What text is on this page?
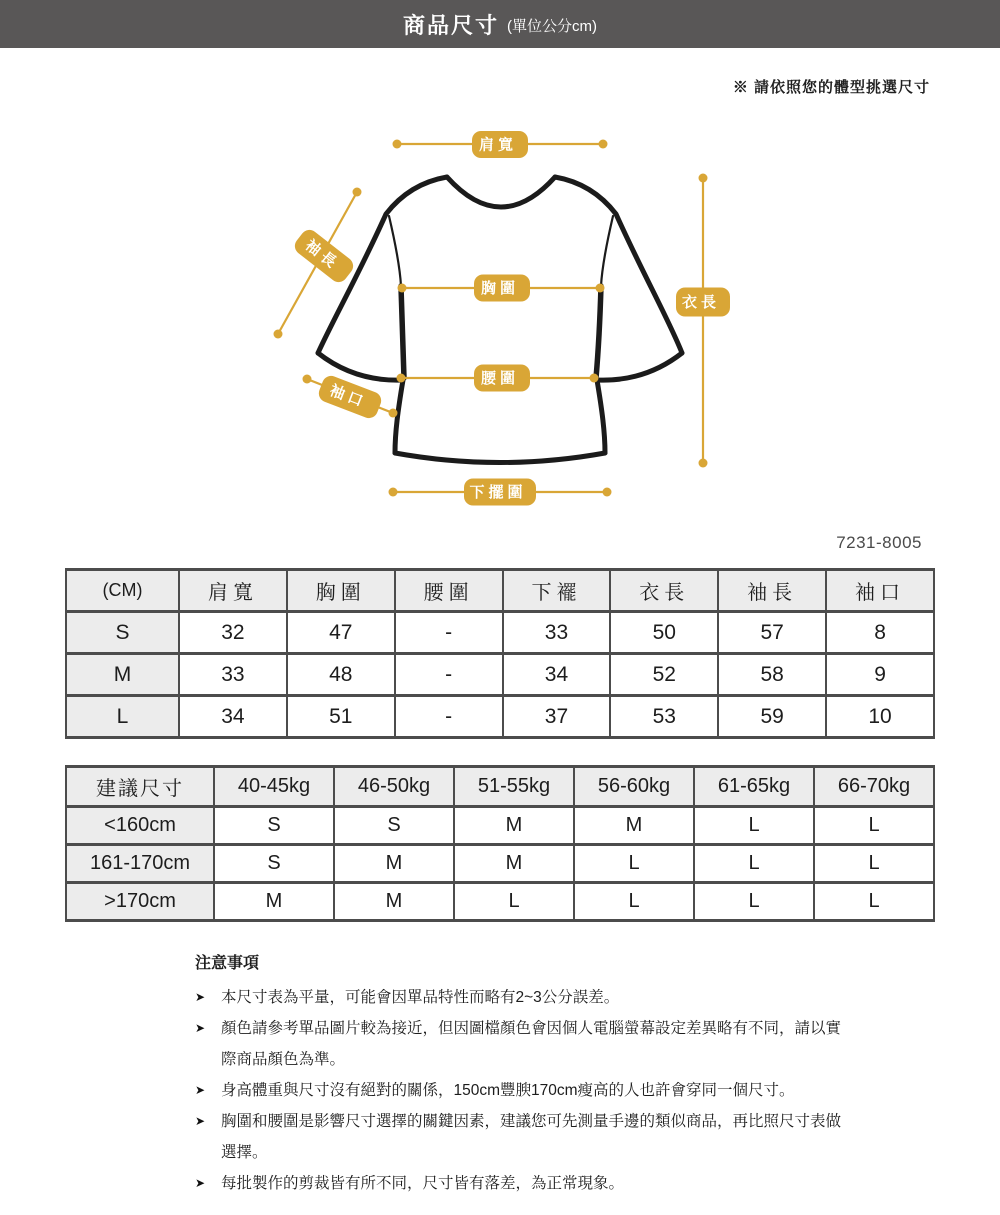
商品尺寸 (單位公分cm)
※ 請依照您的體型挑選尺寸
肩寬
胸圍
腰圍
下擺圍
衣長
袖長
袖口
7231-8005
(CM)	肩寬	胸圍	腰圍	下襬	衣長	袖長	袖口
S	32	47	-	33	50	57	8
M	33	48	-	34	52	58	9
L	34	51	-	37	53	59	10
建議尺寸	40-45kg	46-50kg	51-55kg	56-60kg	61-65kg	66-70kg
<160cm	S	S	M	M	L	L
161-170cm	S	M	M	L	L	L
>170cm	M	M	L	L	L	L
注意事項
➤	本尺寸表為平量，可能會因單品特性而略有2~3公分誤差。
➤	顏色請參考單品圖片較為接近，但因圖檔顏色會因個人電腦螢幕設定差異略有不同，請以實際商品顏色為準。
➤	身高體重與尺寸沒有絕對的關係，150cm豐腴170cm瘦高的人也許會穿同一個尺寸。
➤	胸圍和腰圍是影響尺寸選擇的關鍵因素，建議您可先測量手邊的類似商品，再比照尺寸表做選擇。
➤	每批製作的剪裁皆有所不同，尺寸皆有落差，為正常現象。
